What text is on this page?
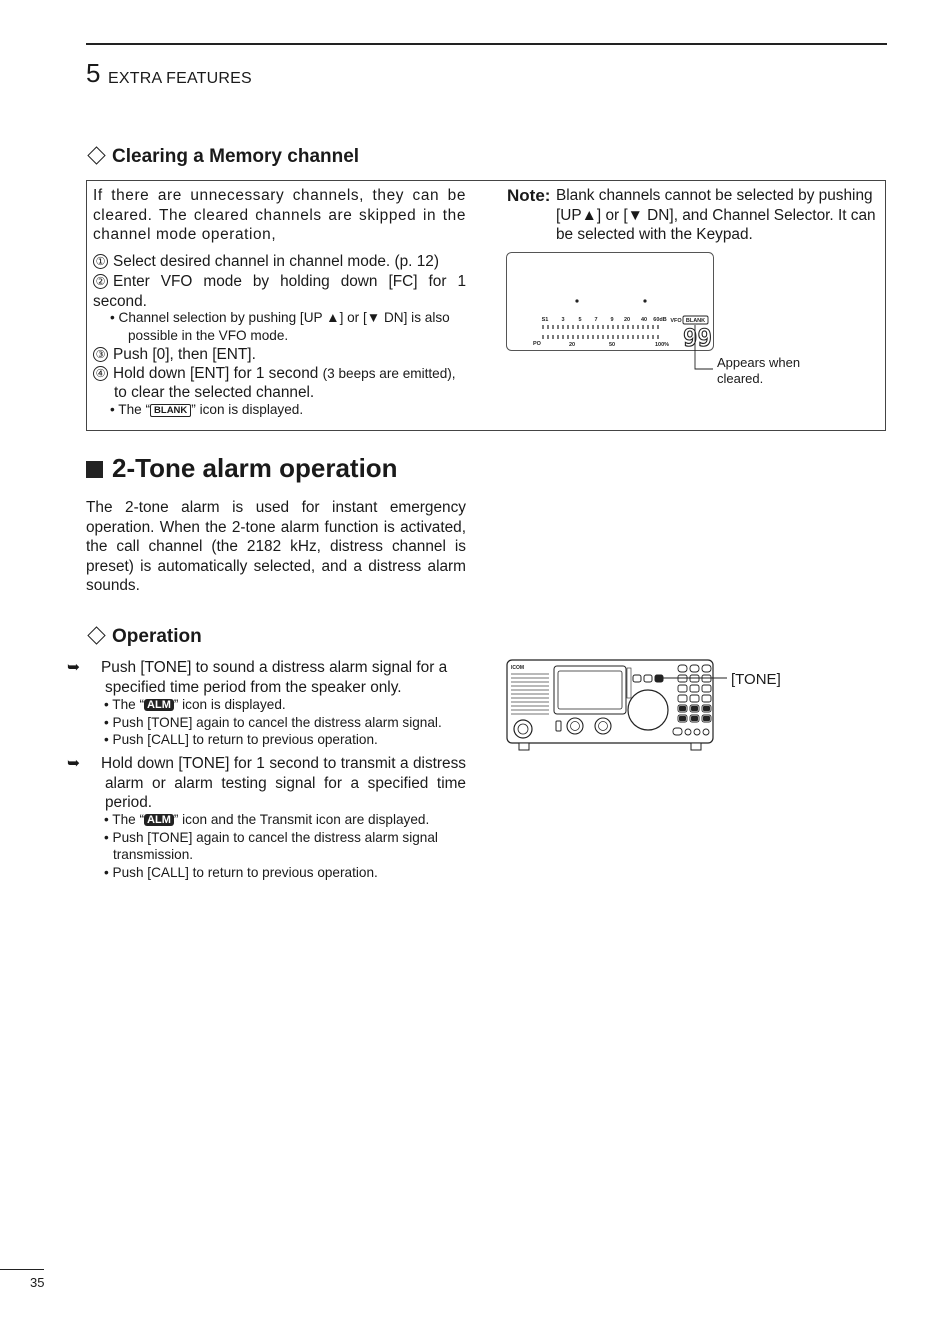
5 EXTRA FEATURES
Clearing a Memory channel
If there are unnecessary channels, they can be cleared. The cleared channels are skipped in the channel mode operation,
① Select desired channel in channel mode. (p. 12)
② Enter VFO mode by holding down [FC] for 1 second.
• Channel selection by pushing [UP ▲] or [▼ DN] is also possible in the VFO mode.
③ Push [0], then [ENT].
④ Hold down [ENT] for 1 second (3 beeps are emitted),
to clear the selected channel.
• The “ BLANK ” icon is displayed.
Note: Blank channels cannot be selected by pushing [UP▲] or [▼ DN], and Channel Selector. It can be selected with the Keypad.
S1 3	5 7 9 20 40 60dB
PO	20	50	100%
VFO BLANK
99
Appears when cleared.
2-Tone alarm operation
The 2-tone alarm is used for instant emergency operation. When the 2-tone alarm function is activated, the call channel (the 2182 kHz, distress channel is preset) is automatically selected, and a distress alarm sounds.
Operation
➥ Push [TONE] to sound a distress alarm signal for a specified time period from the speaker only.
• The “ ALM ” icon is displayed.
• Push [TONE] again to cancel the distress alarm signal.
• Push [CALL] to return to previous operation.
➥ Hold down [TONE] for 1 second to transmit a distress alarm or alarm testing signal for a specified time period.
• The “ ALM ” icon and the Transmit icon are displayed.
• Push [TONE] again to cancel the distress alarm signal transmission.
• Push [CALL] to return to previous operation.
ICOM
[TONE]
35
